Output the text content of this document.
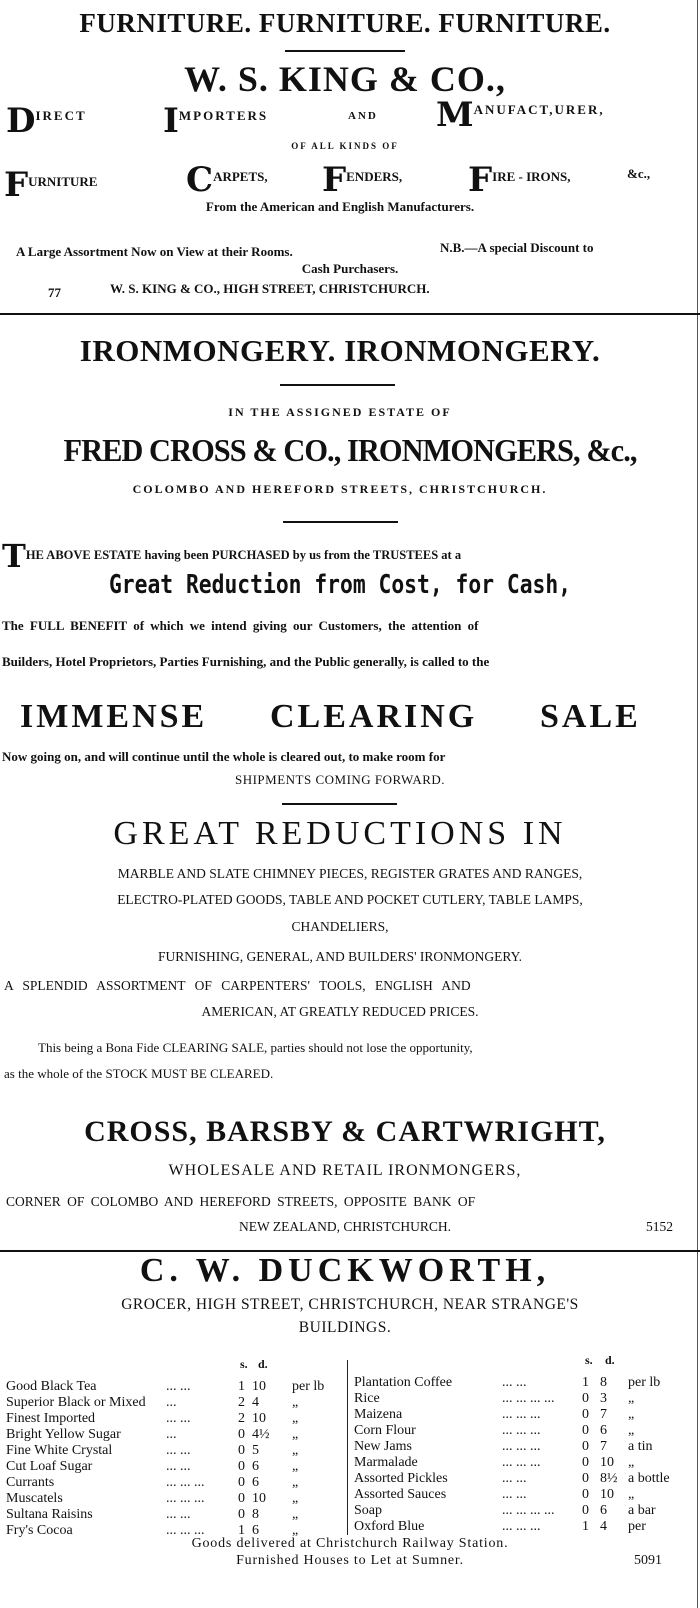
FURNITURE. FURNITURE. FURNITURE.
W. S. KING & CO.,
$D^{IRECT}$ $I^{MPORTERS}$	AND $M^{ANUFACT,URER,}$
OF ALL KINDS OF
$F^{URNITURE}$	$C^{ARPETS,}$ $F^{ENDERS,}$ $F^{IRE - IRONS,}$	&c.,
From the American and English Manufacturers.
A Large Assortment Now on View at their Rooms.	N.B.—A special Discount to
Cash Purchasers.
77	W. S. KING & CO., HIGH STREET, CHRISTCHURCH.
IRONMONGERY. IRONMONGERY.
IN THE ASSIGNED ESTATE OF
FRED CROSS & CO., IRONMONGERS, &c.,
COLOMBO AND HEREFORD STREETS, CHRISTCHURCH.
$T^{HE ABOVE ESTATE having been PURCHASED by us from the TRUSTEES at a}$
Great Reduction from Cost, for Cash,
The FULL BENEFIT of which we intend giving our Customers, the attention of
Builders, Hotel Proprietors, Parties Furnishing, and the Public generally, is called to the
IMMENSE CLEARING SALE
Now going on, and will continue until the whole is cleared out, to make room for
SHIPMENTS COMING FORWARD.
GREAT REDUCTIONS IN
MARBLE AND SLATE CHIMNEY PIECES, REGISTER GRATES AND RANGES,
ELECTRO-PLATED GOODS, TABLE AND POCKET CUTLERY, TABLE LAMPS,
CHANDELIERS,
FURNISHING, GENERAL, AND BUILDERS' IRONMONGERY.
A SPLENDID ASSORTMENT OF CARPENTERS' TOOLS, ENGLISH AND
AMERICAN, AT GREATLY REDUCED PRICES.
This being a Bona Fide CLEARING SALE, parties should not lose the opportunity,
as the whole of the STOCK MUST BE CLEARED.
CROSS, BARSBY & CARTWRIGHT,
WHOLESALE AND RETAIL IRONMONGERS,
CORNER OF COLOMBO AND HEREFORD STREETS, OPPOSITE BANK OF
NEW ZEALAND, CHRISTCHURCH.	5152
C. W. DUCKWORTH,
GROCER, HIGH STREET, CHRISTCHURCH, NEAR STRANGE'S
BUILDINGS.
s. d.	s. d.
Good Black Tea	... ...	1	10	per lb
Superior Black or Mixed	...	2	4	„
Finest Imported	... ...	2	10	„
Bright Yellow Sugar	...	0	4½	„
Fine White Crystal	... ...	0	5	„
Cut Loaf Sugar	... ...	0	6	„
Currants	... ... ...	0	6	„
Muscatels	... ... ...	0	10	„
Sultana Raisins	... ...	0	8	„
Fry's Cocoa	... ... ...	1	6	„
Plantation Coffee	... ...	1	8	per lb
Rice	... ... ... ...	0	3	„
Maizena	... ... ...	0	7	„
Corn Flour	... ... ...	0	6	„
New Jams	... ... ...	0	7	a tin
Marmalade	... ... ...	0	10	„
Assorted Pickles	... ...	0	8½	a bottle
Assorted Sauces	... ...	0	10	„
Soap	... ... ... ...	0	6	a bar
Oxford Blue	... ... ...	1	4	per
Goods delivered at Christchurch Railway Station.
Furnished Houses to Let at Sumner.	5091
